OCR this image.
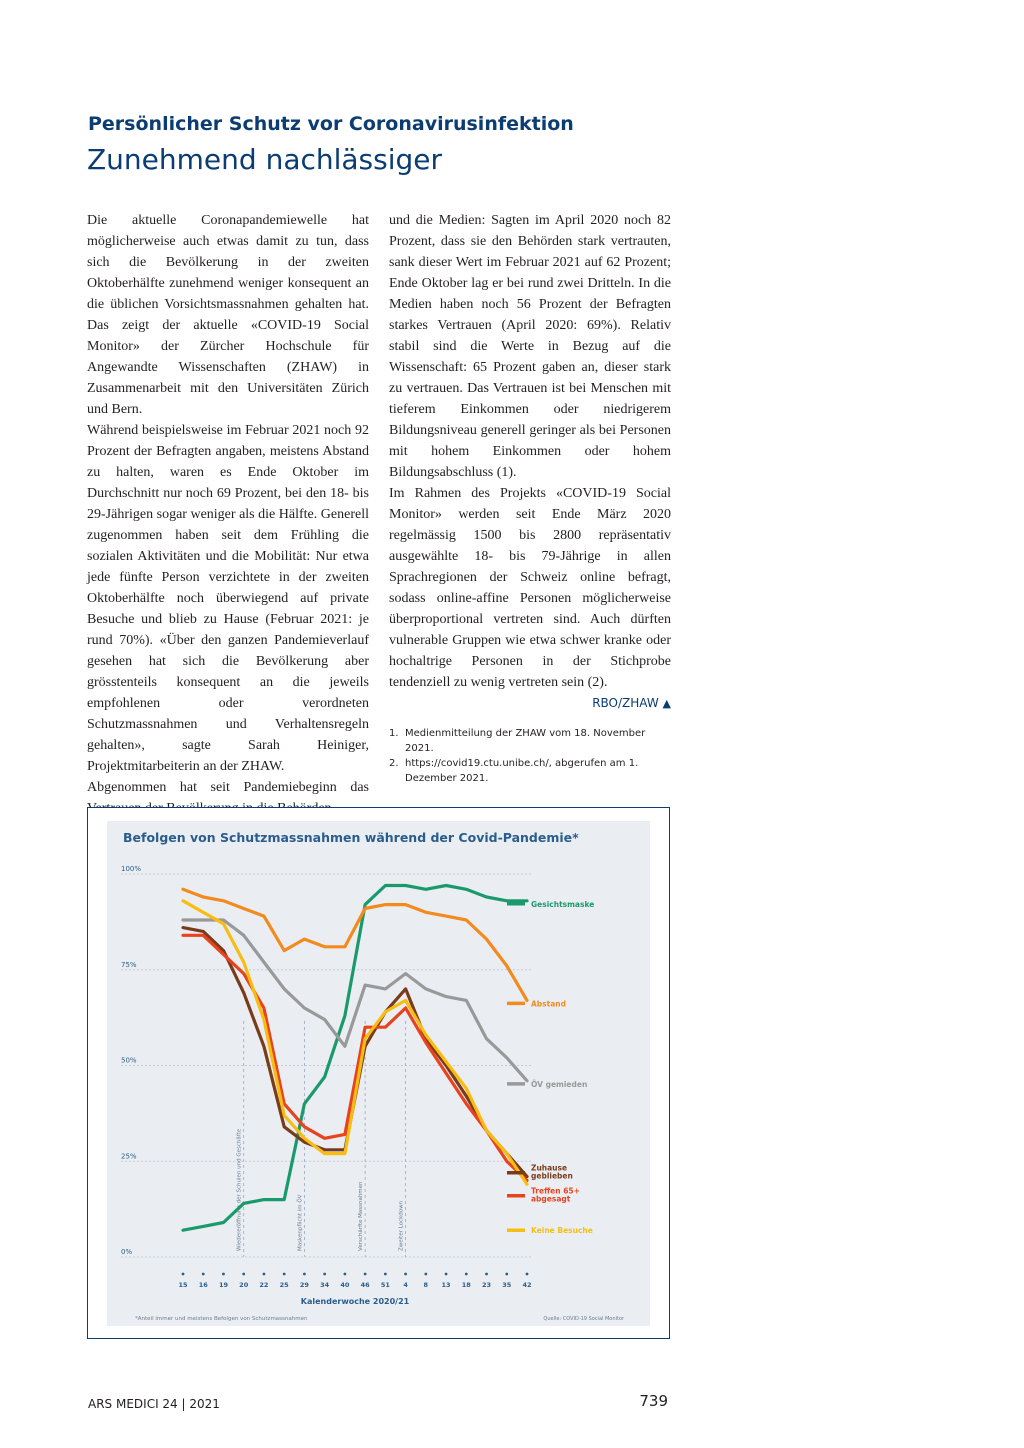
Persönlicher Schutz vor Coronavirusinfektion
Zunehmend nachlässiger

Die aktuelle Coronapandemiewelle hat möglicherweise auch etwas damit zu tun, dass sich die Bevölkerung in der zweiten Oktoberhälfte zunehmend weniger konsequent an die üblichen Vorsichtsmassnahmen gehalten hat. Das zeigt der aktuelle «COVID-19 Social Monitor» der Zürcher Hochschule für Angewandte Wissenschaften (ZHAW) in Zusammenarbeit mit den Universitäten Zürich und Bern.

Während beispielsweise im Februar 2021 noch 92 Prozent der Befragten angaben, meistens Abstand zu halten, waren es Ende Oktober im Durchschnitt nur noch 69 Prozent, bei den 18- bis 29-Jährigen sogar weniger als die Hälfte. Generell zugenommen haben seit dem Frühling die sozialen Aktivitäten und die Mobilität: Nur etwa jede fünfte Person verzichtete in der zweiten Oktoberhälfte noch überwiegend auf private Besuche und blieb zu Hause (Februar 2021: je rund 70%). «Über den ganzen Pandemieverlauf gesehen hat sich die Bevölkerung aber grösstenteils konsequent an die jeweils empfohlenen oder verordneten Schutzmassnahmen und Verhaltensregeln gehalten», sagte Sarah Heiniger, Projektmitarbeiterin an der ZHAW.

Abgenommen hat seit Pandemiebeginn das

und die Medien: Sagten im April 2020 noch 82 Prozent, dass sie den Behörden stark vertrauten, sank dieser Wert im Februar 2021 auf 62 Prozent; Ende Oktober lag er bei rund zwei Dritteln. In die Medien haben noch 56 Prozent der Befragten starkes Vertrauen (April 2020: 69%). Relativ stabil sind die Werte in Bezug auf die Wissenschaft: 65 Prozent gaben an, dieser stark zu vertrauen. Das Vertrauen ist bei Menschen mit tieferem Einkommen oder niedrigerem Bildungsniveau generell geringer als bei Personen mit hohem Einkommen oder hohem Bildungsabschluss (1).

Im Rahmen des Projekts «COVID-19 Social Monitor» werden seit Ende März 2020 regelmässig 1500 bis 2800 repräsentativ ausgewählte 18- bis 79-Jährige in allen Sprachregionen der Schweiz online befragt, sodass online-affine Personen möglicherweise überproportional vertreten sind. Auch dürften vulnerable Gruppen wie etwa schwer kranke oder hochaltrige Personen in der Stichprobe tendenziell zu wenig vertreten sein (2).

RBO/ZHAW ▲
1. Medienmitteilung der ZHAW vom 18. November 2021.
2. https://covid19.ctu.unibe.ch/, abgerufen am 1. Dezember 2021.
Befolgen von Schutzmassnahmen während der Covid-Pandemie*
0%
25%
50%
75%
100%
Wiedereröffnung der Schulen und Geschäfte	Maskenpflicht im ÖV	Verschärfte Massnahmen	Zweiter Lockdown
15 16 19 20 22 25 29 34 40 46 51 4 8 13 18 23 35 42
Kalenderwoche 2020/21
*Anteil immer und meistens Befolgen von Schutzmassnahmen	Quelle: COVID-19 Social Monitor
Gesichtsmaske
Abstand
ÖV gemieden
Zuhause geblieben
Treffen 65+ abgesagt
Keine Besuche
ARS MEDICI 24 | 2021	739
